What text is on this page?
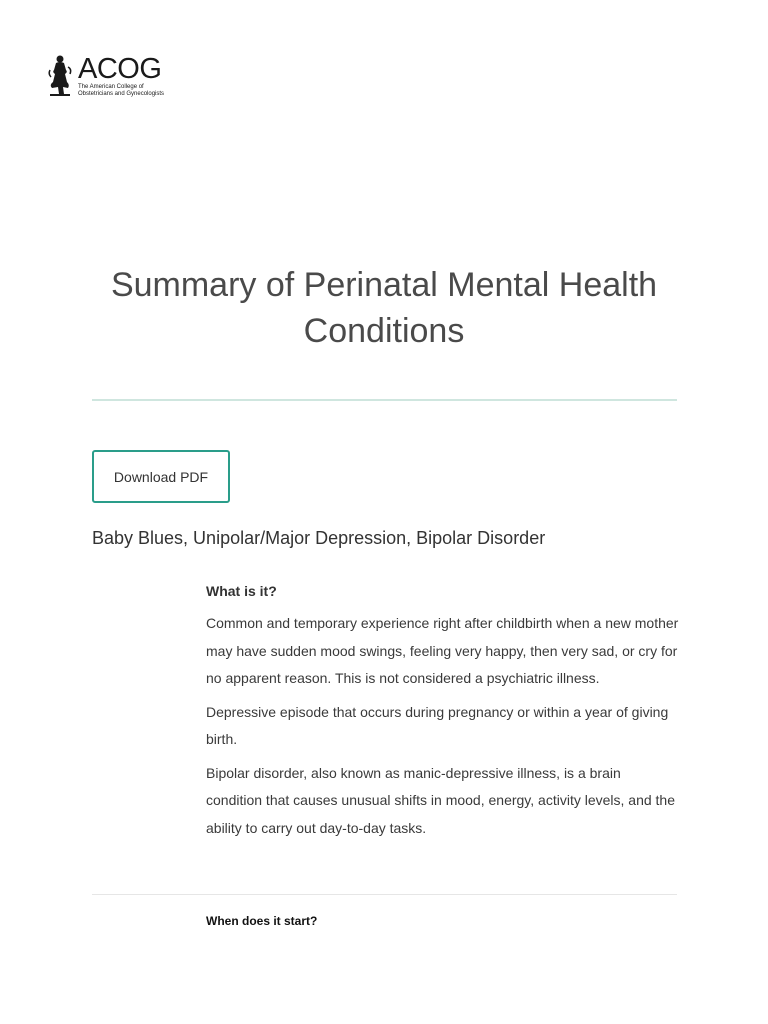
ACOG
The American College of
Obstetricians and Gynecologists
Summary of Perinatal Mental Health Conditions
Download PDF
Baby Blues, Unipolar/Major Depression, Bipolar Disorder

What is it?

Common and temporary experience right after childbirth when a new mother may have sudden mood swings, feeling very happy, then very sad, or cry for no apparent reason. This is not considered a psychiatric illness.

Depressive episode that occurs during pregnancy or within a year of giving birth.

Bipolar disorder, also known as manic-depressive illness, is a brain condition that causes unusual shifts in mood, energy, activity levels, and the ability to carry out day-to-day tasks.

When does it start?
